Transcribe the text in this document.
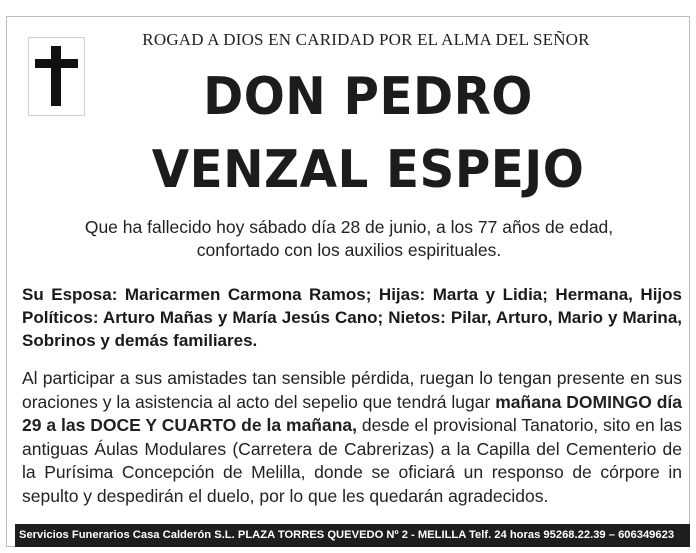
ROGAD A DIOS EN CARIDAD POR EL ALMA DEL SEÑOR
DON PEDRO
VENZAL ESPEJO
Que ha fallecido hoy sábado día 28 de junio, a los 77 años de edad,
confortado con los auxilios espirituales.
Su Esposa: Maricarmen Carmona Ramos; Hijas: Marta y Lidia; Hermana, Hijos Políticos: Arturo Mañas y María Jesús Cano; Nietos: Pilar, Arturo, Mario y Marina, Sobrinos y demás familiares.
Al participar a sus amistades tan sensible pérdida, ruegan lo tengan presente en sus oraciones y la asistencia al acto del sepelio que tendrá lugar mañana DOMINGO día 29 a las DOCE Y CUARTO de la mañana, desde el provisional Tanatorio, sito en las antiguas Áulas Modulares (Carretera de Cabrerizas) a la Capilla del Cementerio de la Purísima Concepción de Melilla, donde se oficiará un responso de córpore in sepulto y despedirán el duelo, por lo que les quedarán agradecidos.
Servicios Funerarios Casa Calderón S.L. PLAZA TORRES QUEVEDO Nº 2 - MELILLA Telf. 24 horas 95268.22.39 – 606349623
